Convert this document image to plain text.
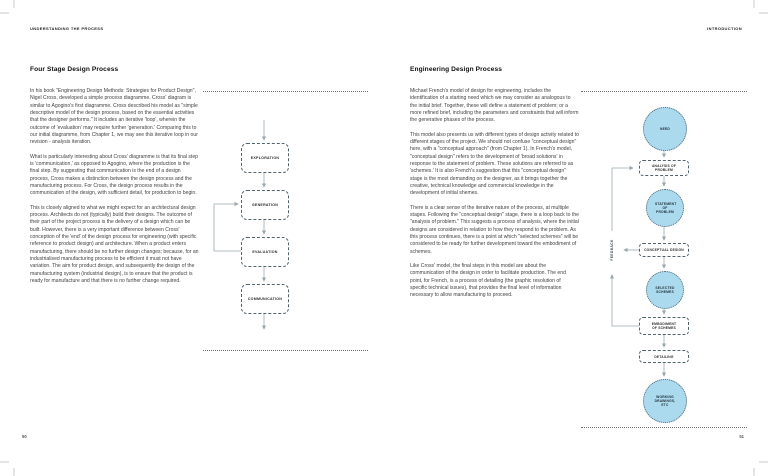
UNDERSTANDING THE PROCESS
Four Stage Design Process

In his book "Engineering Design Methods: Strategies for Product Design", Nigel Cross, developed a simple process diagramme. Cross' diagram is similar to Agogino's first diagramme. Cross described his model as "simple descriptive model of the design process, based on the essential activities that the designer performs." It includes an iterative 'loop', wherein the outcome of 'evaluation' may require further 'generation.' Comparing this to our initial diagramme, from Chapter 1, we may see this iterative loop in our revision - analysis iteration.

What is particularly interesting about Cross' diagramme is that its final step is 'communication,' as opposed to Agogino, where the production is the final step. By suggesting that communication is the end of a design process, Cross makes a distinction between the design process and the manufacturing process. For Cross, the design process results in the communication of the design, with sufficient detail, for production to begin.

This is closely aligned to what we might expect for an architectural design process. Architects do not (typically) build their designs. The outcome of their part of the project process is the delivery of a design which can be built. However, there is a very important difference between Cross' conception of the 'end' of the design process for engineering (with specific reference to product design) and architecture. When a product enters manufacturing, there should be no further design changes; because, for an industrialised manufacturing process to be efficient it must not have variation. The aim for product design, and subsequently the design of the manufacturing system (industrial design), is to ensure that the product is ready for manufacture and that there is no further change required.

50
EXPLORATION
GENERATION
EVALUATION
COMMUNICATION
INTRODUCTION
Engineering Design Process

Michael French's model of design for engineering, includes the identification of a starting need which we may consider as analogous to the initial brief. Together, these will define a statement of problem; or a more refined brief, including the parameters and constraints that will inform the generative phases of the process.

This model also presents us with different types of design activity related to different stages of the project. We should not confuse "conceptual design" here, with a "conceptual approach" (from Chapter 1). In French's model, "conceptual design" refers to the development of 'broad solutions' in response to the statement of problem. These solutions are referred to as 'schemes.' It is also French's suggestion that this "conceptual design" stage is the most demanding on the designer, as it brings together the creative, technical knowledge and commercial knowledge in the development of initial shemes.

There is a clear sense of the iterative nature of the process, at multiple stages. Following the "conceptual design" stage, there is a loop back to the "analysis of problem." This suggests a process of analysis, where the initial designs are considered in relation to how they respond to the problem. As this process continues, there is a point at which "selected schemes" will be considered to be ready for further development toward the embodiment of schemes.

Like Cross' model, the final steps in this model are about the communication of the design in order to facilitate production. The end point, for French, is a process of detailing (the graphic resolution of specific technical issues), that provides the final level of information necessary to allow manufacturing to proceed.

51
NEED
ANALYSIS OF PROBLEM
STATEMENT OF PROBLEM
CONCEPTUAL DESIGN
SELECTED SCHEMES
EMBODIMENT OF SCHEMES
DETAILING
WORKING DRAWINGS, ETC
FEEDBACK
